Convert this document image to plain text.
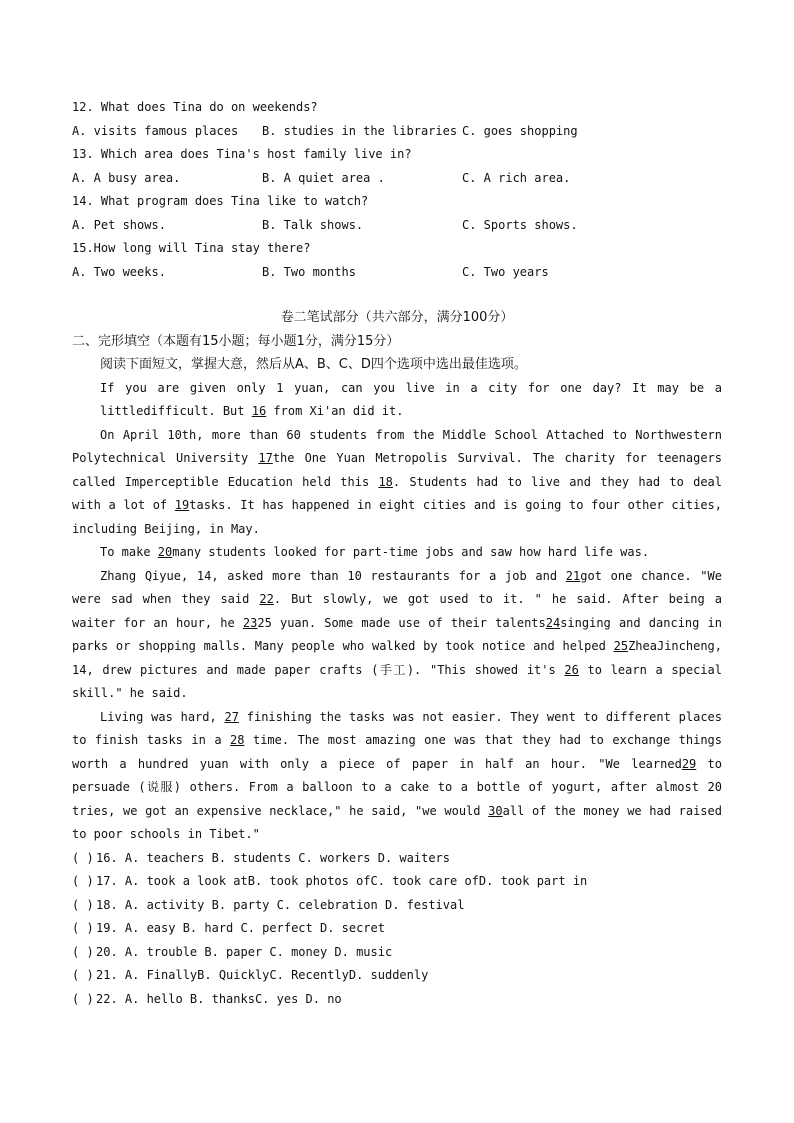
12. What does Tina do on weekends?
A. visits famous places B. studies in the libraries C. goes shopping
13. Which area does Tina's host family live in?
A. A busy area.	B. A quiet area .	C. A rich area.
14. What program does Tina like to watch?
A. Pet shows.	B. Talk shows.	C. Sports shows.
15.How long will Tina stay there?
A. Two weeks.	B. Two months	C. Two years
卷二笔试部分（共六部分，满分100分）
二、完形填空（本题有15小题；每小题1分，满分15分）
阅读下面短文，掌握大意，然后从A、B、C、D四个选项中选出最佳选项。
If you are given only 1 yuan, can you live in a city for one day? It may be a littledifficult. But 16 from Xi'an did it.
On April 10th, more than 60 students from the Middle School Attached to Northwestern Polytechnical University 17the One Yuan Metropolis Survival. The charity for teenagers called Imperceptible Education held this 18. Students had to live and they had to deal with a lot of 19tasks. It has happened in eight cities and is going to four other cities, including Beijing, in May.
To make 20many students looked for part-time jobs and saw how hard life was.
Zhang Qiyue, 14, asked more than 10 restaurants for a job and 21got one chance. "We were sad when they said 22. But slowly, we got used to it. " he said. After being a waiter for an hour, he 2325 yuan. Some made use of their talents24singing and dancing in parks or shopping malls. Many people who walked by took notice and helped 25ZheaJincheng, 14, drew pictures and made paper crafts (手工). "This showed it's 26 to learn a special skill." he said.
Living was hard, 27 finishing the tasks was not easier. They went to different places to finish tasks in a 28 time. The most amazing one was that they had to exchange things worth a hundred yuan with only a piece of paper in half an hour. "We learned29 to persuade (说服) others. From a balloon to a cake to a bottle of yogurt, after almost 20 tries, we got an expensive necklace," he said, "we would 30all of the money we had raised to poor schools in Tibet."
( ) 16. A. teachers B. students C. workers D. waiters
( ) 17. A. took a look atB. took photos ofC. took care ofD. took part in
( ) 18. A. activity B. party C. celebration D. festival
( ) 19. A. easy B. hard C. perfect D. secret
( ) 20. A. trouble B. paper C. money D. music
( ) 21. A. FinallyB. QuicklyC. RecentlyD. suddenly
( ) 22. A. hello B. thanksC. yes D. no
